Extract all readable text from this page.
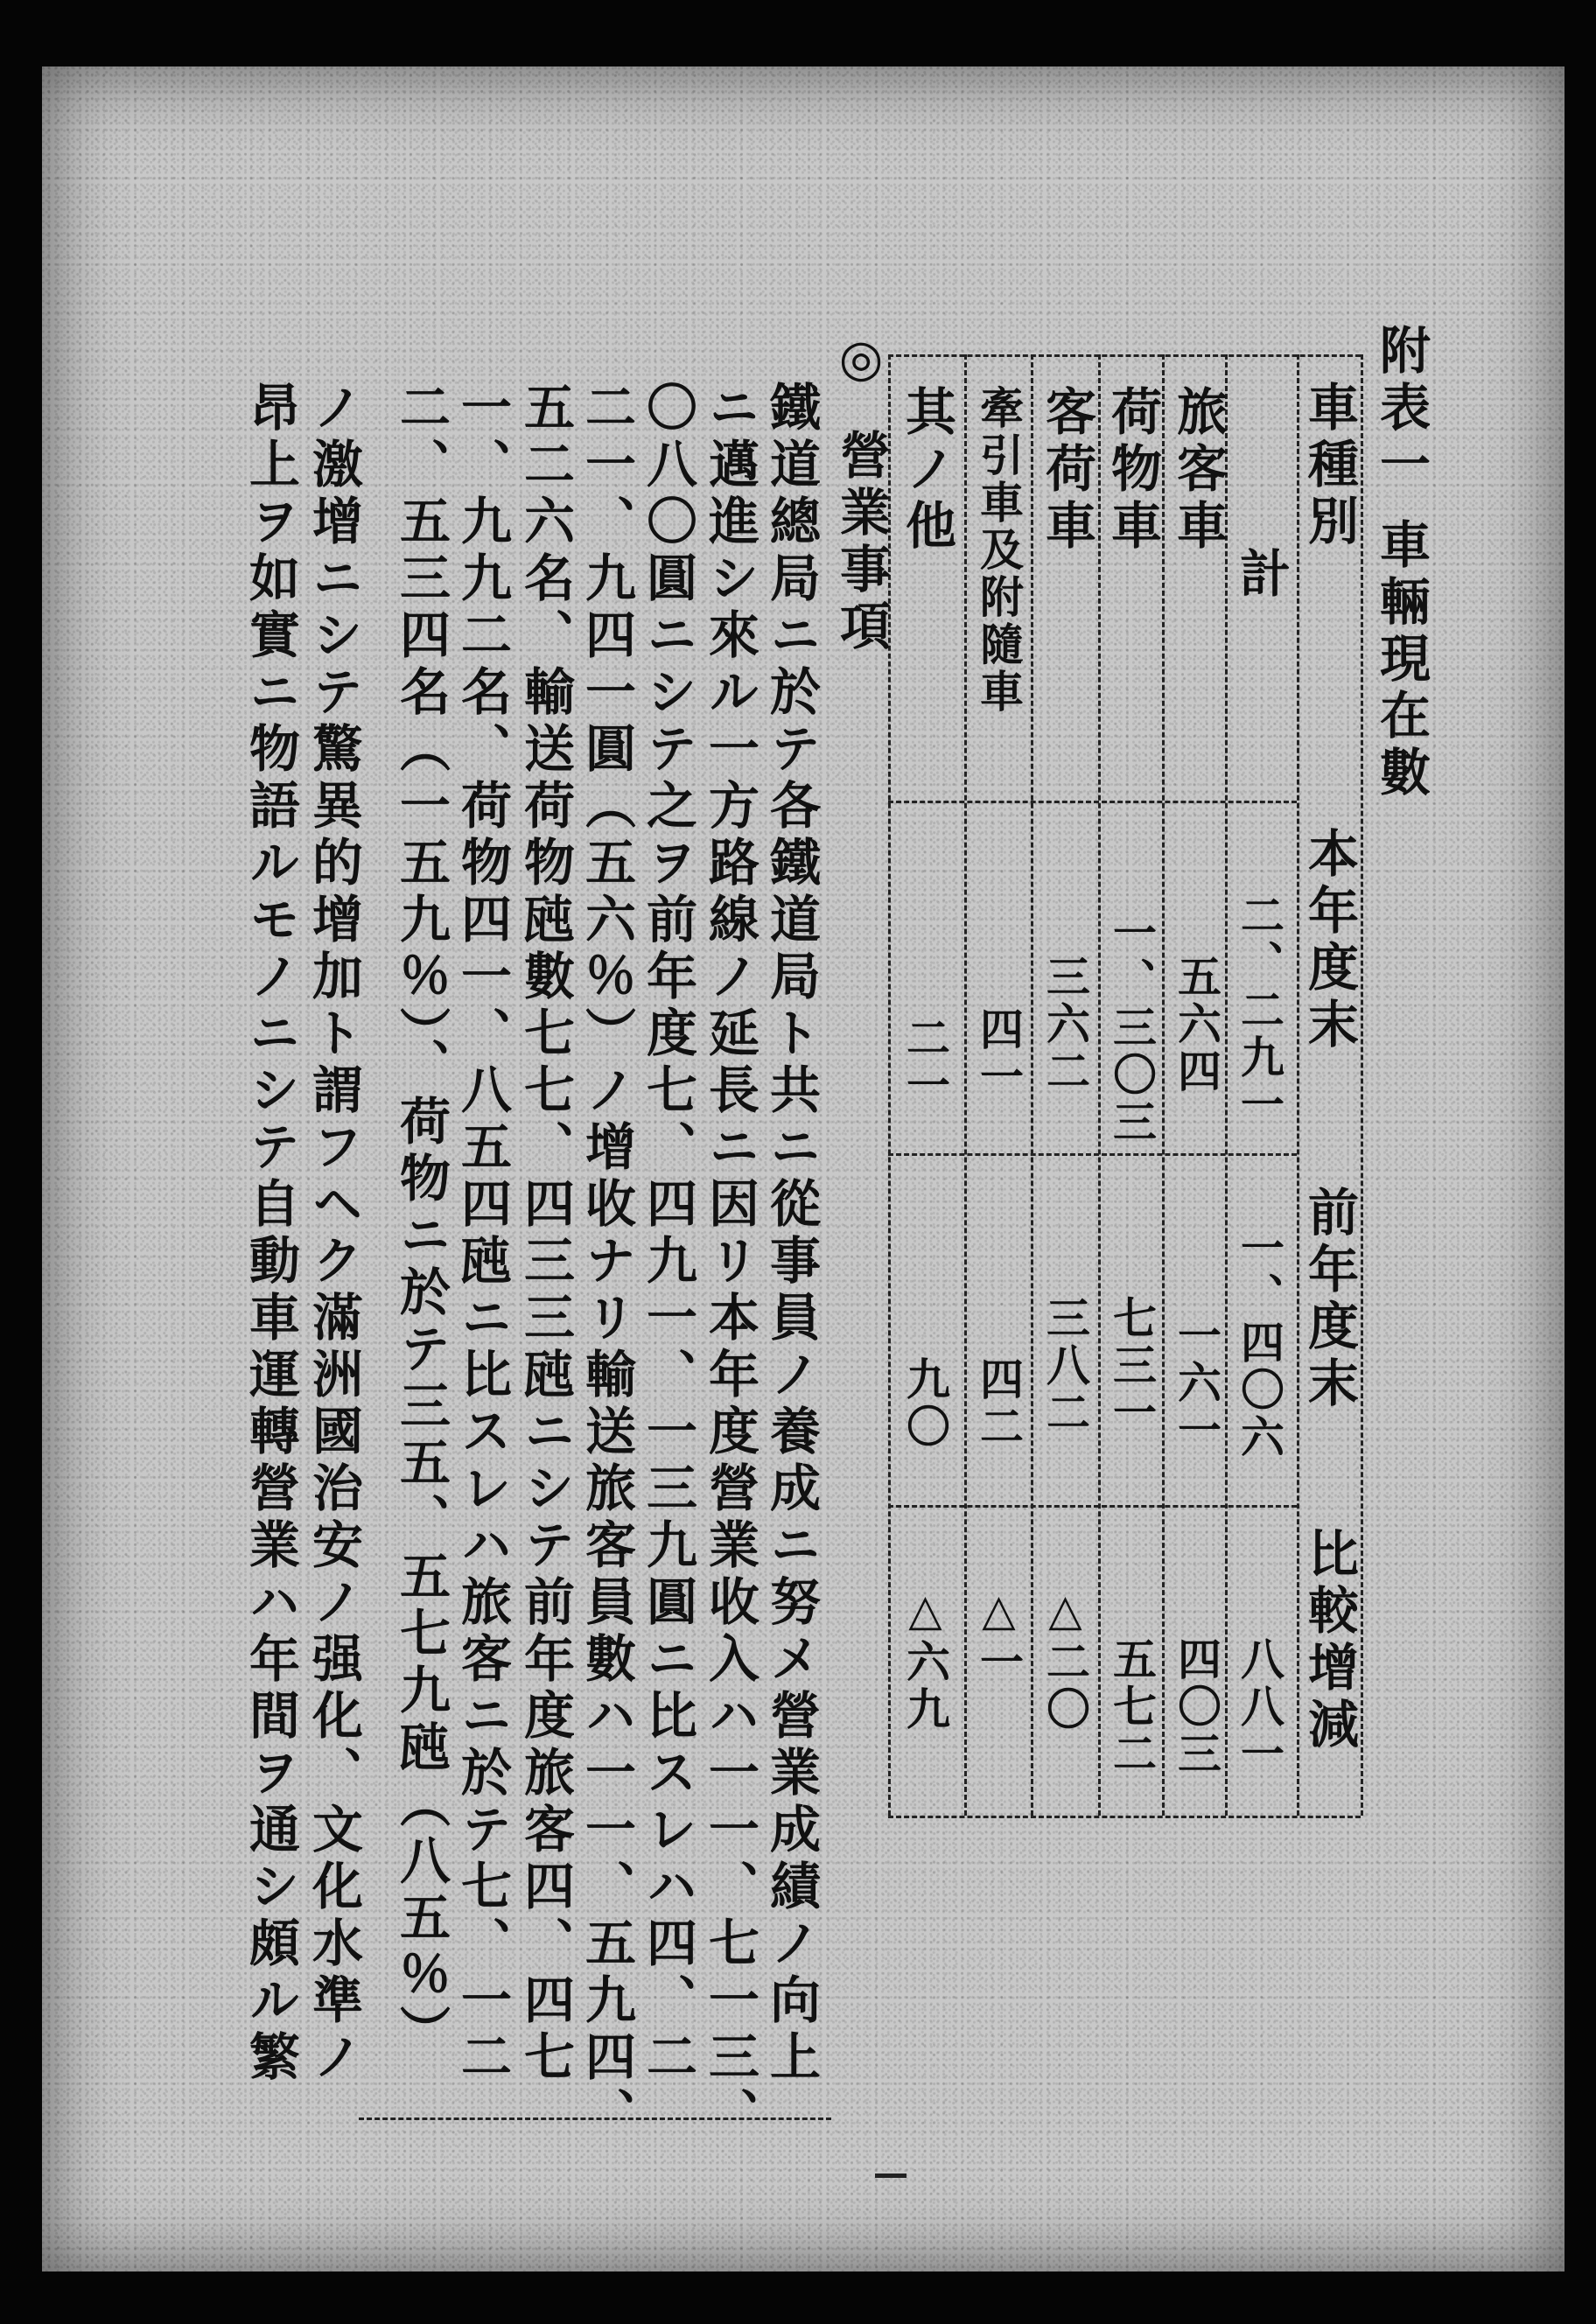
附表一 車輛現在數
車種別
本年度末
前年度末
比較增減
計
二、二九一
一、四〇六
八八一
旅客車
五六四
一六一
四〇三
荷物車
一、三〇三
七三一
五七二
客荷車
三六二
三八二
△二〇
牽引車及附隨車
四一
四二
△一
其ノ他
二一
九〇
△六九
◎營業事項
鐵道總局ニ於テ各鐵道局ト共ニ從事員ノ養成ニ努メ營業成績ノ向上
ニ邁進シ來ル一方路線ノ延長ニ因リ本年度營業收入ハ一一、七一三、
〇八〇圓ニシテ之ヲ前年度七、四九一、一三九圓ニ比スレハ四、二
二一、九四一圓（五六％）ノ增收ナリ輸送旅客員數ハ一一、五九四、
五二六名、輸送荷物瓲數七七、四三三瓲ニシテ前年度旅客四、四七
一、九九二名、荷物四一、八五四瓲ニ比スレハ旅客ニ於テ七、一二
二、五三四名（一五九％）、荷物ニ於テ三五、五七九瓲（八五％）
ノ激增ニシテ驚異的增加ト謂フヘク滿洲國治安ノ强化、文化水準ノ
昂上ヲ如實ニ物語ルモノニシテ自動車運轉營業ハ年間ヲ通シ頗ル繁
